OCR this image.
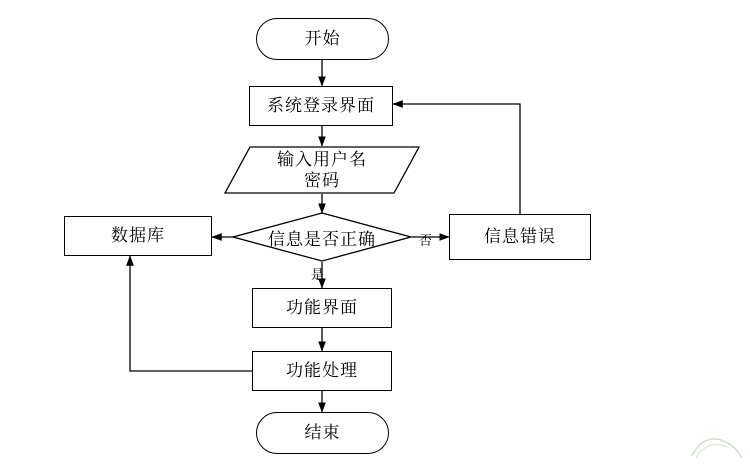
开始
系统登录界面
输入用户名
密码
信息是否正确
数据库	信息错误
功能界面
功能处理
结束
否
是
